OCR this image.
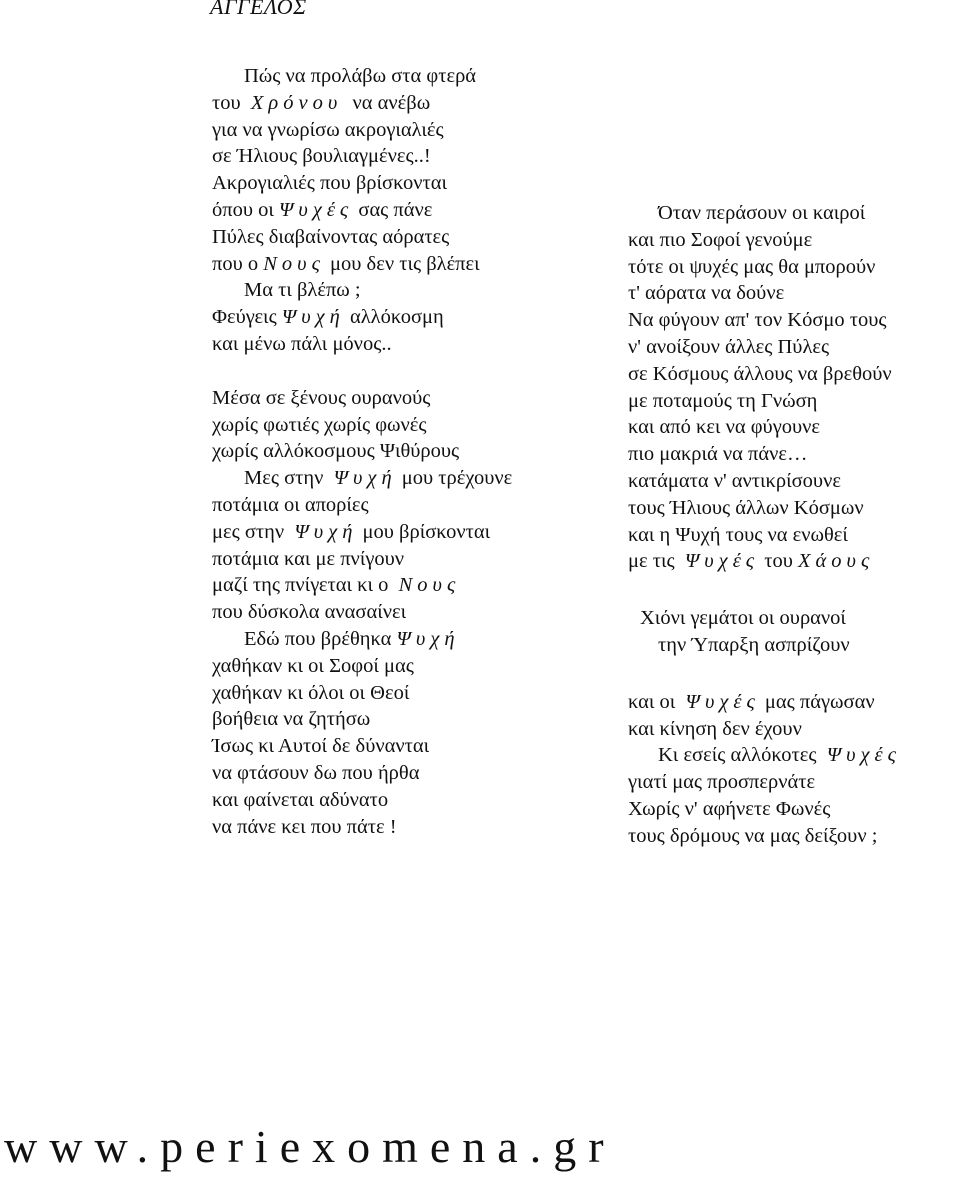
ΑΓΓΕΛΟΣ
Πώς να προλάβω στα φτερά
του Χρόνου να ανέβω
για να γνωρίσω ακρογιαλιές
σε Ήλιους βουλιαγμένες..!
Ακρογιαλιές που βρίσκονται
όπου οι Ψυχές σας πάνε
Πύλες διαβαίνοντας αόρατες
που ο Νους μου δεν τις βλέπει
Μα τι βλέπω ;
Φεύγεις Ψυχή αλλόκοσμη
και μένω πάλι μόνος..
Μέσα σε ξένους ουρανούς
χωρίς φωτιές χωρίς φωνές
χωρίς αλλόκοσμους Ψιθύρους
Μες στην Ψυχή μου τρέχουνε
ποτάμια οι απορίες
μες στην Ψυχή μου βρίσκονται
ποτάμια και με πνίγουν
μαζί της πνίγεται κι ο Νους
που δύσκολα ανασαίνει
Εδώ που βρέθηκα Ψυχή
χαθήκαν κι οι Σοφοί μας
χαθήκαν κι όλοι οι Θεοί
βοήθεια να ζητήσω
Ίσως κι Αυτοί δε δύνανται
να φτάσουν δω που ήρθα
και φαίνεται αδύνατο
να πάνε κει που πάτε !
Όταν περάσουν οι καιροί
και πιο Σοφοί γενούμε
τότε οι ψυχές μας θα μπορούν
τ' αόρατα να δούνε
Να φύγουν απ' τον Κόσμο τους
ν' ανοίξουν άλλες Πύλες
σε Κόσμους άλλους να βρεθούν
με ποταμούς τη Γνώση
και από κει να φύγουνε
πιο μακριά να πάνε…
κατάματα ν' αντικρίσουνε
τους Ήλιους άλλων Κόσμων
και η Ψυχή τους να ενωθεί
με τις Ψυχές του Χάους
Χιόνι γεμάτοι οι ουρανοί
την Ύπαρξη ασπρίζουν
και οι Ψυχές μας πάγωσαν
και κίνηση δεν έχουν
Κι εσείς αλλόκοτες Ψυχές
γιατί μας προσπερνάτε
Χωρίς ν' αφήνετε Φωνές
τους δρόμους να μας δείξουν ;
www.periexomena.gr
